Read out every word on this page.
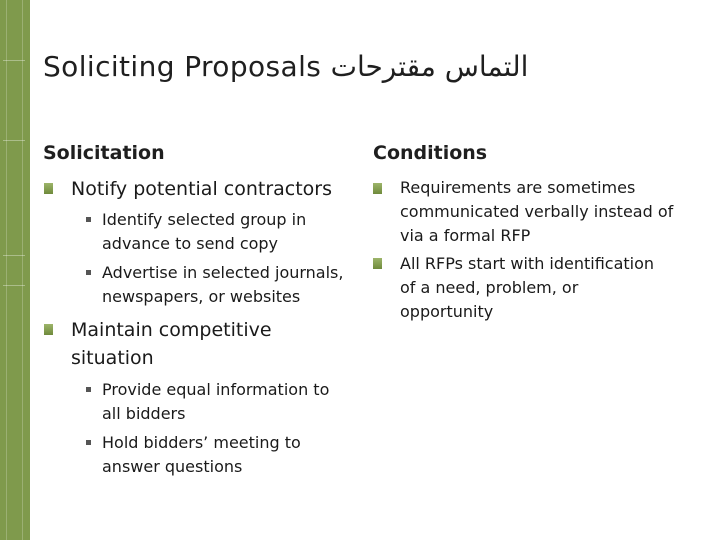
Soliciting Proposals التماس مقترحات
Solicitation
Notify potential contractors
Identify selected group in
advance to send copy
Advertise in selected journals,
newspapers, or websites
Maintain competitive
situation
Provide equal information to
all bidders
Hold bidders’ meeting to
answer questions
Conditions
Requirements are sometimes
communicated verbally instead of
via a formal RFP
All RFPs start with identification
of a need, problem, or
opportunity
